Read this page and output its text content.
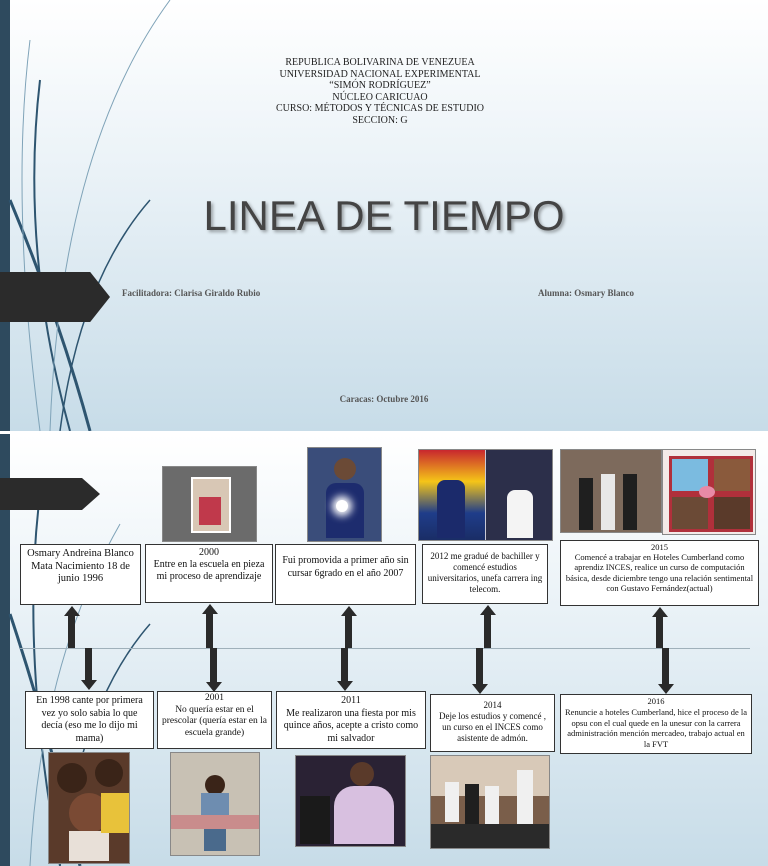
REPUBLICA BOLIVARINA DE VENEZUEA
UNIVERSIDAD NACIONAL EXPERIMENTAL
“SIMÓN RODRÍGUEZ”
NÚCLEO CARICUAO
CURSO: MÉTODOS Y TÉCNICAS DE ESTUDIO
SECCION: G
LINEA DE TIEMPO
Facilitadora: Clarisa Giraldo Rubio	Alumna: Osmary Blanco
Caracas: Octubre 2016
Osmary Andreina Blanco Mata Nacimiento 18 de junio 1996
2000
Entre en la escuela en pieza mi proceso de aprendizaje
Fui promovida a primer año sin cursar 6grado en el año 2007
2012 me gradué de bachiller y comencé estudios universitarios, unefa carrera ing telecom.
2015
Comencé a trabajar en Hoteles Cumberland como aprendiz INCES, realice un curso de computación básica, desde diciembre tengo una relación sentimental con Gustavo Fernández(actual)
En 1998 cante por primera vez yo solo sabia lo que decía (eso me lo dijo mi mama)
2001
No quería estar en el prescolar (quería estar en la escuela grande)
2011
Me realizaron una fiesta por mis quince años, acepte a cristo como mi salvador
2014
Deje los estudios y comencé , un curso en el INCES como asistente de admón.
2016
Renuncie a hoteles Cumberland, hice el proceso de la opsu con el cual quede en la unesur con la carrera administración mención mercadeo, trabajo actual en la FVT
